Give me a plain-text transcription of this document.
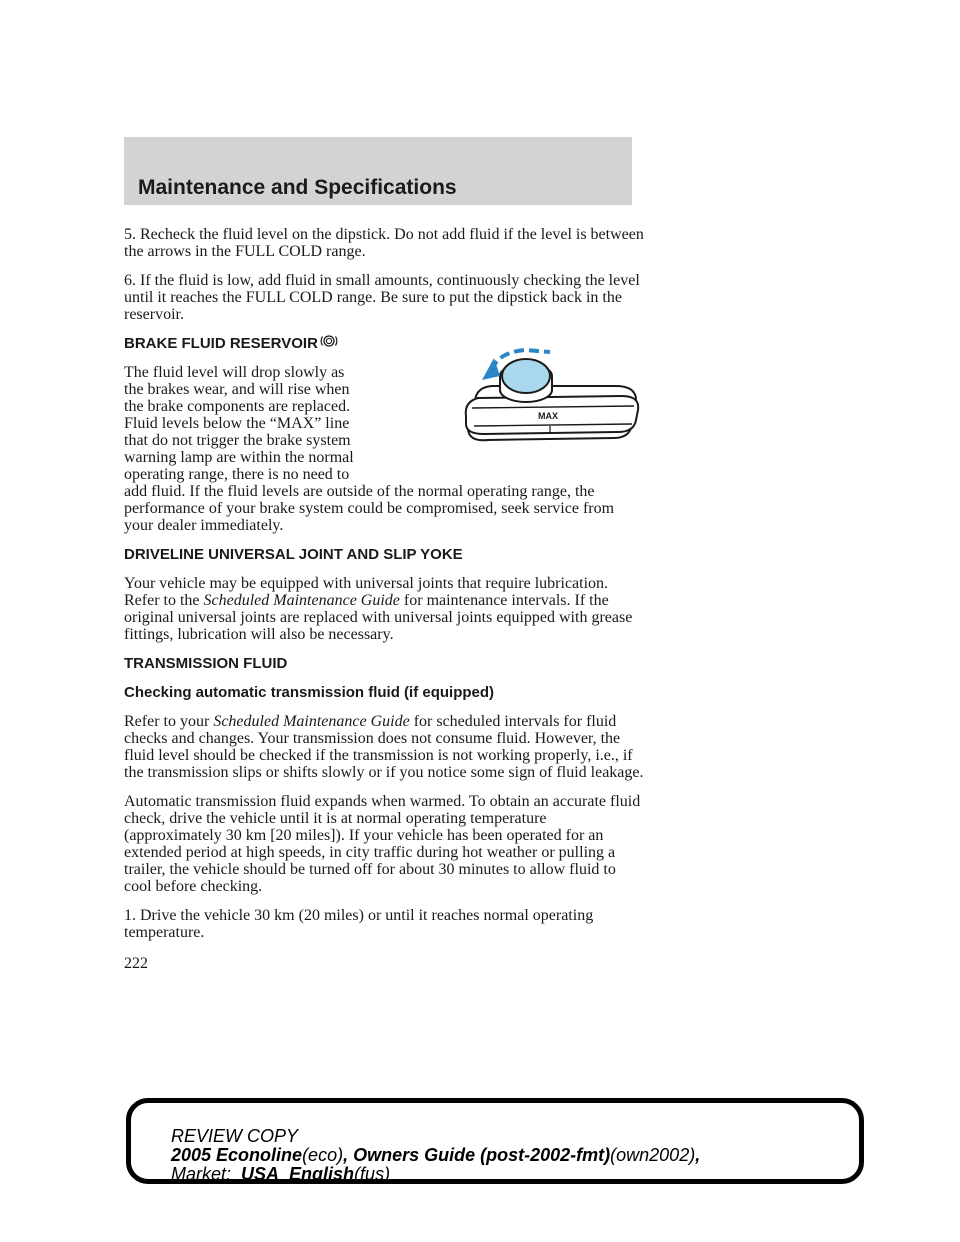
Maintenance and Specifications

5. Recheck the fluid level on the dipstick. Do not add fluid if the level is between the arrows in the FULL COLD range.

6. If the fluid is low, add fluid in small amounts, continuously checking the level until it reaches the FULL COLD range. Be sure to put the dipstick back in the reservoir.

BRAKE FLUID RESERVOIR

The fluid level will drop slowly as
the brakes wear, and will rise when
the brake components are replaced.
Fluid levels below the “MAX” line
that do not trigger the brake system
warning lamp are within the normal
operating range, there is no need to
add fluid. If the fluid levels are outside of the normal operating range, the performance of your brake system could be compromised, seek service from your dealer immediately.

MAX
DRIVELINE UNIVERSAL JOINT AND SLIP YOKE

Your vehicle may be equipped with universal joints that require lubrication. Refer to the Scheduled Maintenance Guide for maintenance intervals. If the original universal joints are replaced with universal joints equipped with grease fittings, lubrication will also be necessary.

TRANSMISSION FLUID
Checking automatic transmission fluid (if equipped)

Refer to your Scheduled Maintenance Guide for scheduled intervals for fluid checks and changes. Your transmission does not consume fluid. However, the fluid level should be checked if the transmission is not working properly, i.e., if the transmission slips or shifts slowly or if you notice some sign of fluid leakage.

Automatic transmission fluid expands when warmed. To obtain an accurate fluid check, drive the vehicle until it is at normal operating temperature (approximately 30 km [20 miles]). If your vehicle has been operated for an extended period at high speeds, in city traffic during hot weather or pulling a trailer, the vehicle should be turned off for about 30 minutes to allow fluid to cool before checking.

1. Drive the vehicle 30 km (20 miles) or until it reaches normal operating temperature.

222
REVIEW COPY
2005 Econoline(eco), Owners Guide (post-2002-fmt)(own2002),
Market: USA_English(fus)
